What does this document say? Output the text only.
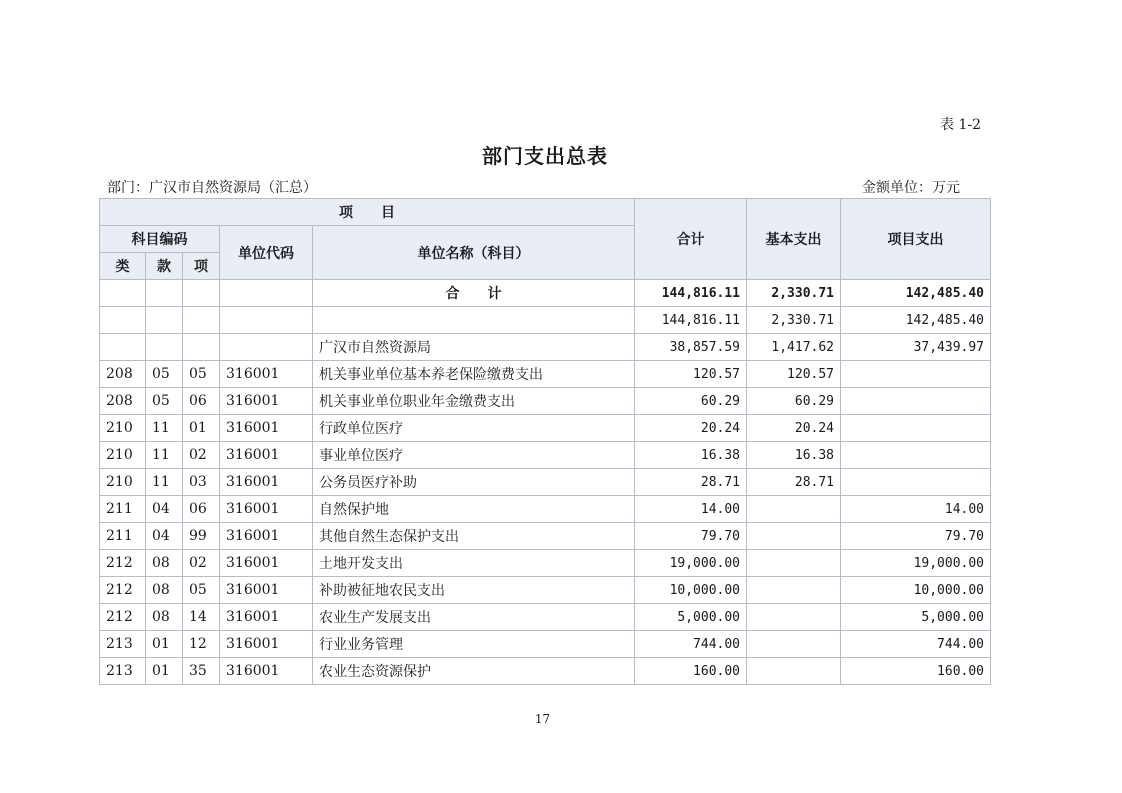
表 1-2
部门支出总表
部门：广汉市自然资源局（汇总）	金额单位：万元
项　　目					合计	基本支出	项目支出
科目编码			单位代码	单位名称（科目）			
类	款	项					
				合　　计	144,816.11	2,330.71	142,485.40
					144,816.11	2,330.71	142,485.40
				广汉市自然资源局	38,857.59	1,417.62	37,439.97
208	05	05	316001	机关事业单位基本养老保险缴费支出	120.57	120.57	
208	05	06	316001	机关事业单位职业年金缴费支出	60.29	60.29	
210	11	01	316001	行政单位医疗	20.24	20.24	
210	11	02	316001	事业单位医疗	16.38	16.38	
210	11	03	316001	公务员医疗补助	28.71	28.71	
211	04	06	316001	自然保护地	14.00		14.00
211	04	99	316001	其他自然生态保护支出	79.70		79.70
212	08	02	316001	土地开发支出	19,000.00		19,000.00
212	08	05	316001	补助被征地农民支出	10,000.00		10,000.00
212	08	14	316001	农业生产发展支出	5,000.00		5,000.00
213	01	12	316001	行业业务管理	744.00		744.00
213	01	35	316001	农业生态资源保护	160.00		160.00
17
